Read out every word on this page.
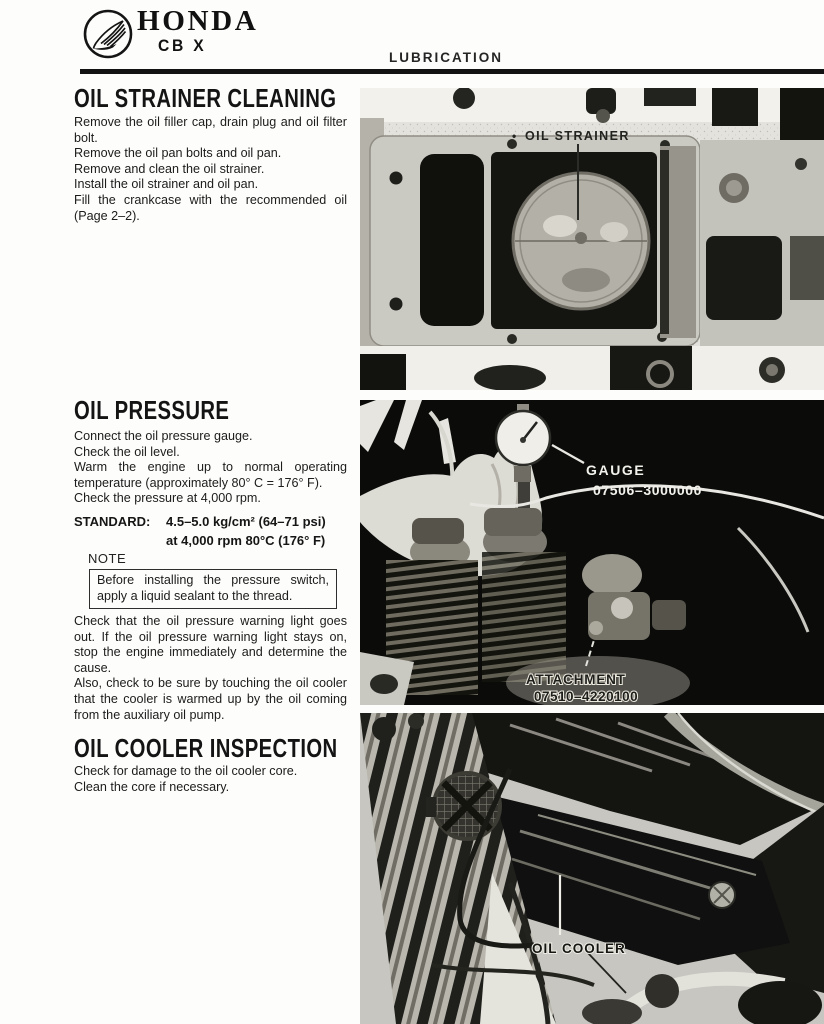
HONDA
CB X
LUBRICATION
OIL STRAINER CLEANING
Remove the oil filler cap, drain plug and oil filter bolt.
Remove the oil pan bolts and oil pan.
Remove and clean the oil strainer.
Install the oil strainer and oil pan.
Fill the crankcase with the recommended oil (Page 2–2).
OIL PRESSURE
Connect the oil pressure gauge.
Check the oil level.
Warm the engine up to normal operating temperature (approximately 80° C = 176° F).
Check the pressure at 4,000 rpm.
STANDARD:	4.5–5.0 kg/cm² (64–71 psi)
at 4,000 rpm 80°C (176° F)
NOTE
Before installing the pressure switch, apply a liquid sealant to the thread.
Check that the oil pressure warning light goes out. If the oil pressure warning light stays on, stop the engine immediately and determine the cause.
Also, check to be sure by touching the oil cooler that the cooler is warmed up by the oil coming from the auxiliary oil pump.
OIL COOLER INSPECTION
Check for damage to the oil cooler core.
Clean the core if necessary.
• OIL STRAINER
GAUGE
07506–3000000
ATTACHMENT
07510–4220100
OIL COOLER
